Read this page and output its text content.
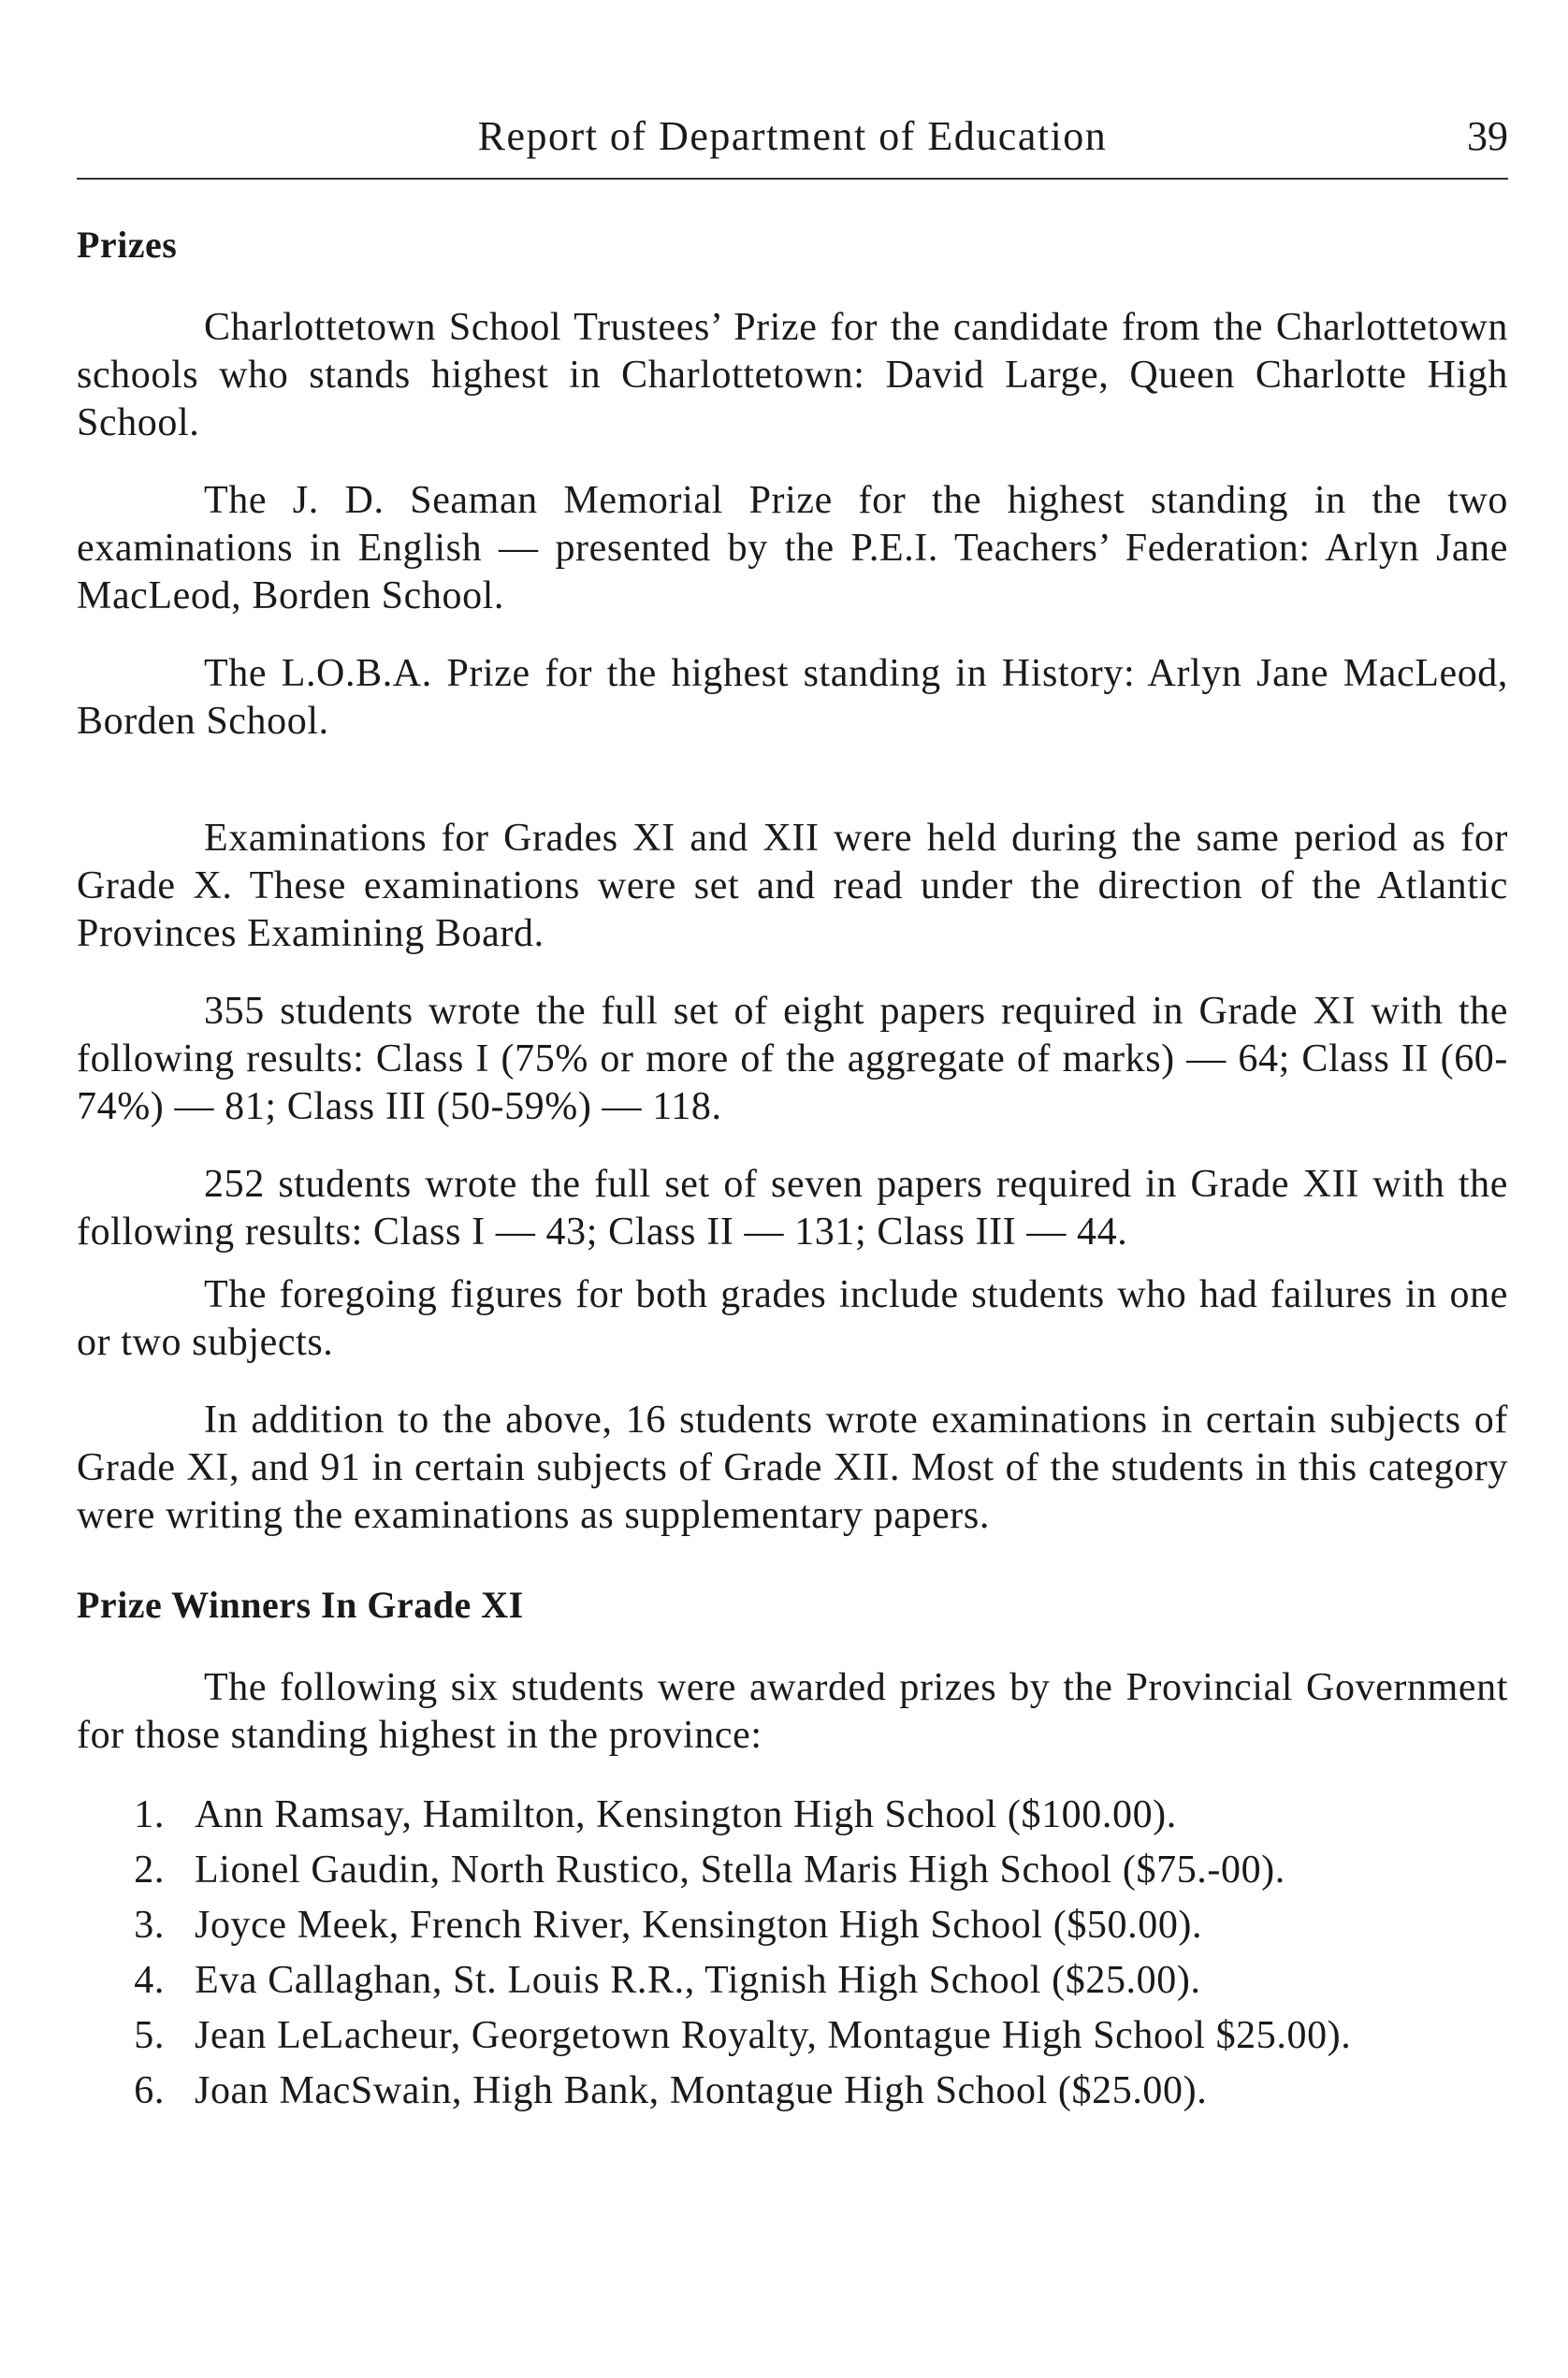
Report of Department of Education	39
Prizes

Charlottetown School Trustees’ Prize for the candidate from the Charlottetown schools who stands highest in Charlottetown: David Large, Queen Charlotte High School.

The J. D. Seaman Memorial Prize for the highest standing in the two examinations in English — presented by the P.E.I. Teachers’ Federation: Arlyn Jane MacLeod, Borden School.

The L.O.B.A. Prize for the highest standing in History: Arlyn Jane MacLeod, Borden School.

Examinations for Grades XI and XII were held during the same period as for Grade X. These examinations were set and read under the direction of the Atlantic Provinces Examining Board.

355 students wrote the full set of eight papers required in Grade XI with the following results: Class I (75% or more of the aggregate of marks) — 64; Class II (60-74%) — 81; Class III (50-59%) — 118.

252 students wrote the full set of seven papers required in Grade XII with the following results: Class I — 43; Class II — 131; Class III — 44.

The foregoing figures for both grades include students who had failures in one or two subjects.

In addition to the above, 16 students wrote examinations in certain subjects of Grade XI, and 91 in certain subjects of Grade XII. Most of the students in this category were writing the examinations as supplementary papers.

Prize Winners In Grade XI

The following six students were awarded prizes by the Provincial Government for those standing highest in the province:

1. Ann Ramsay, Hamilton, Kensington High School ($100.00).
2. Lionel Gaudin, North Rustico, Stella Maris High School ($75.-00).
3. Joyce Meek, French River, Kensington High School ($50.00).
4. Eva Callaghan, St. Louis R.R., Tignish High School ($25.00).
5. Jean LeLacheur, Georgetown Royalty, Montague High School $25.00).
6. Joan MacSwain, High Bank, Montague High School ($25.00).
